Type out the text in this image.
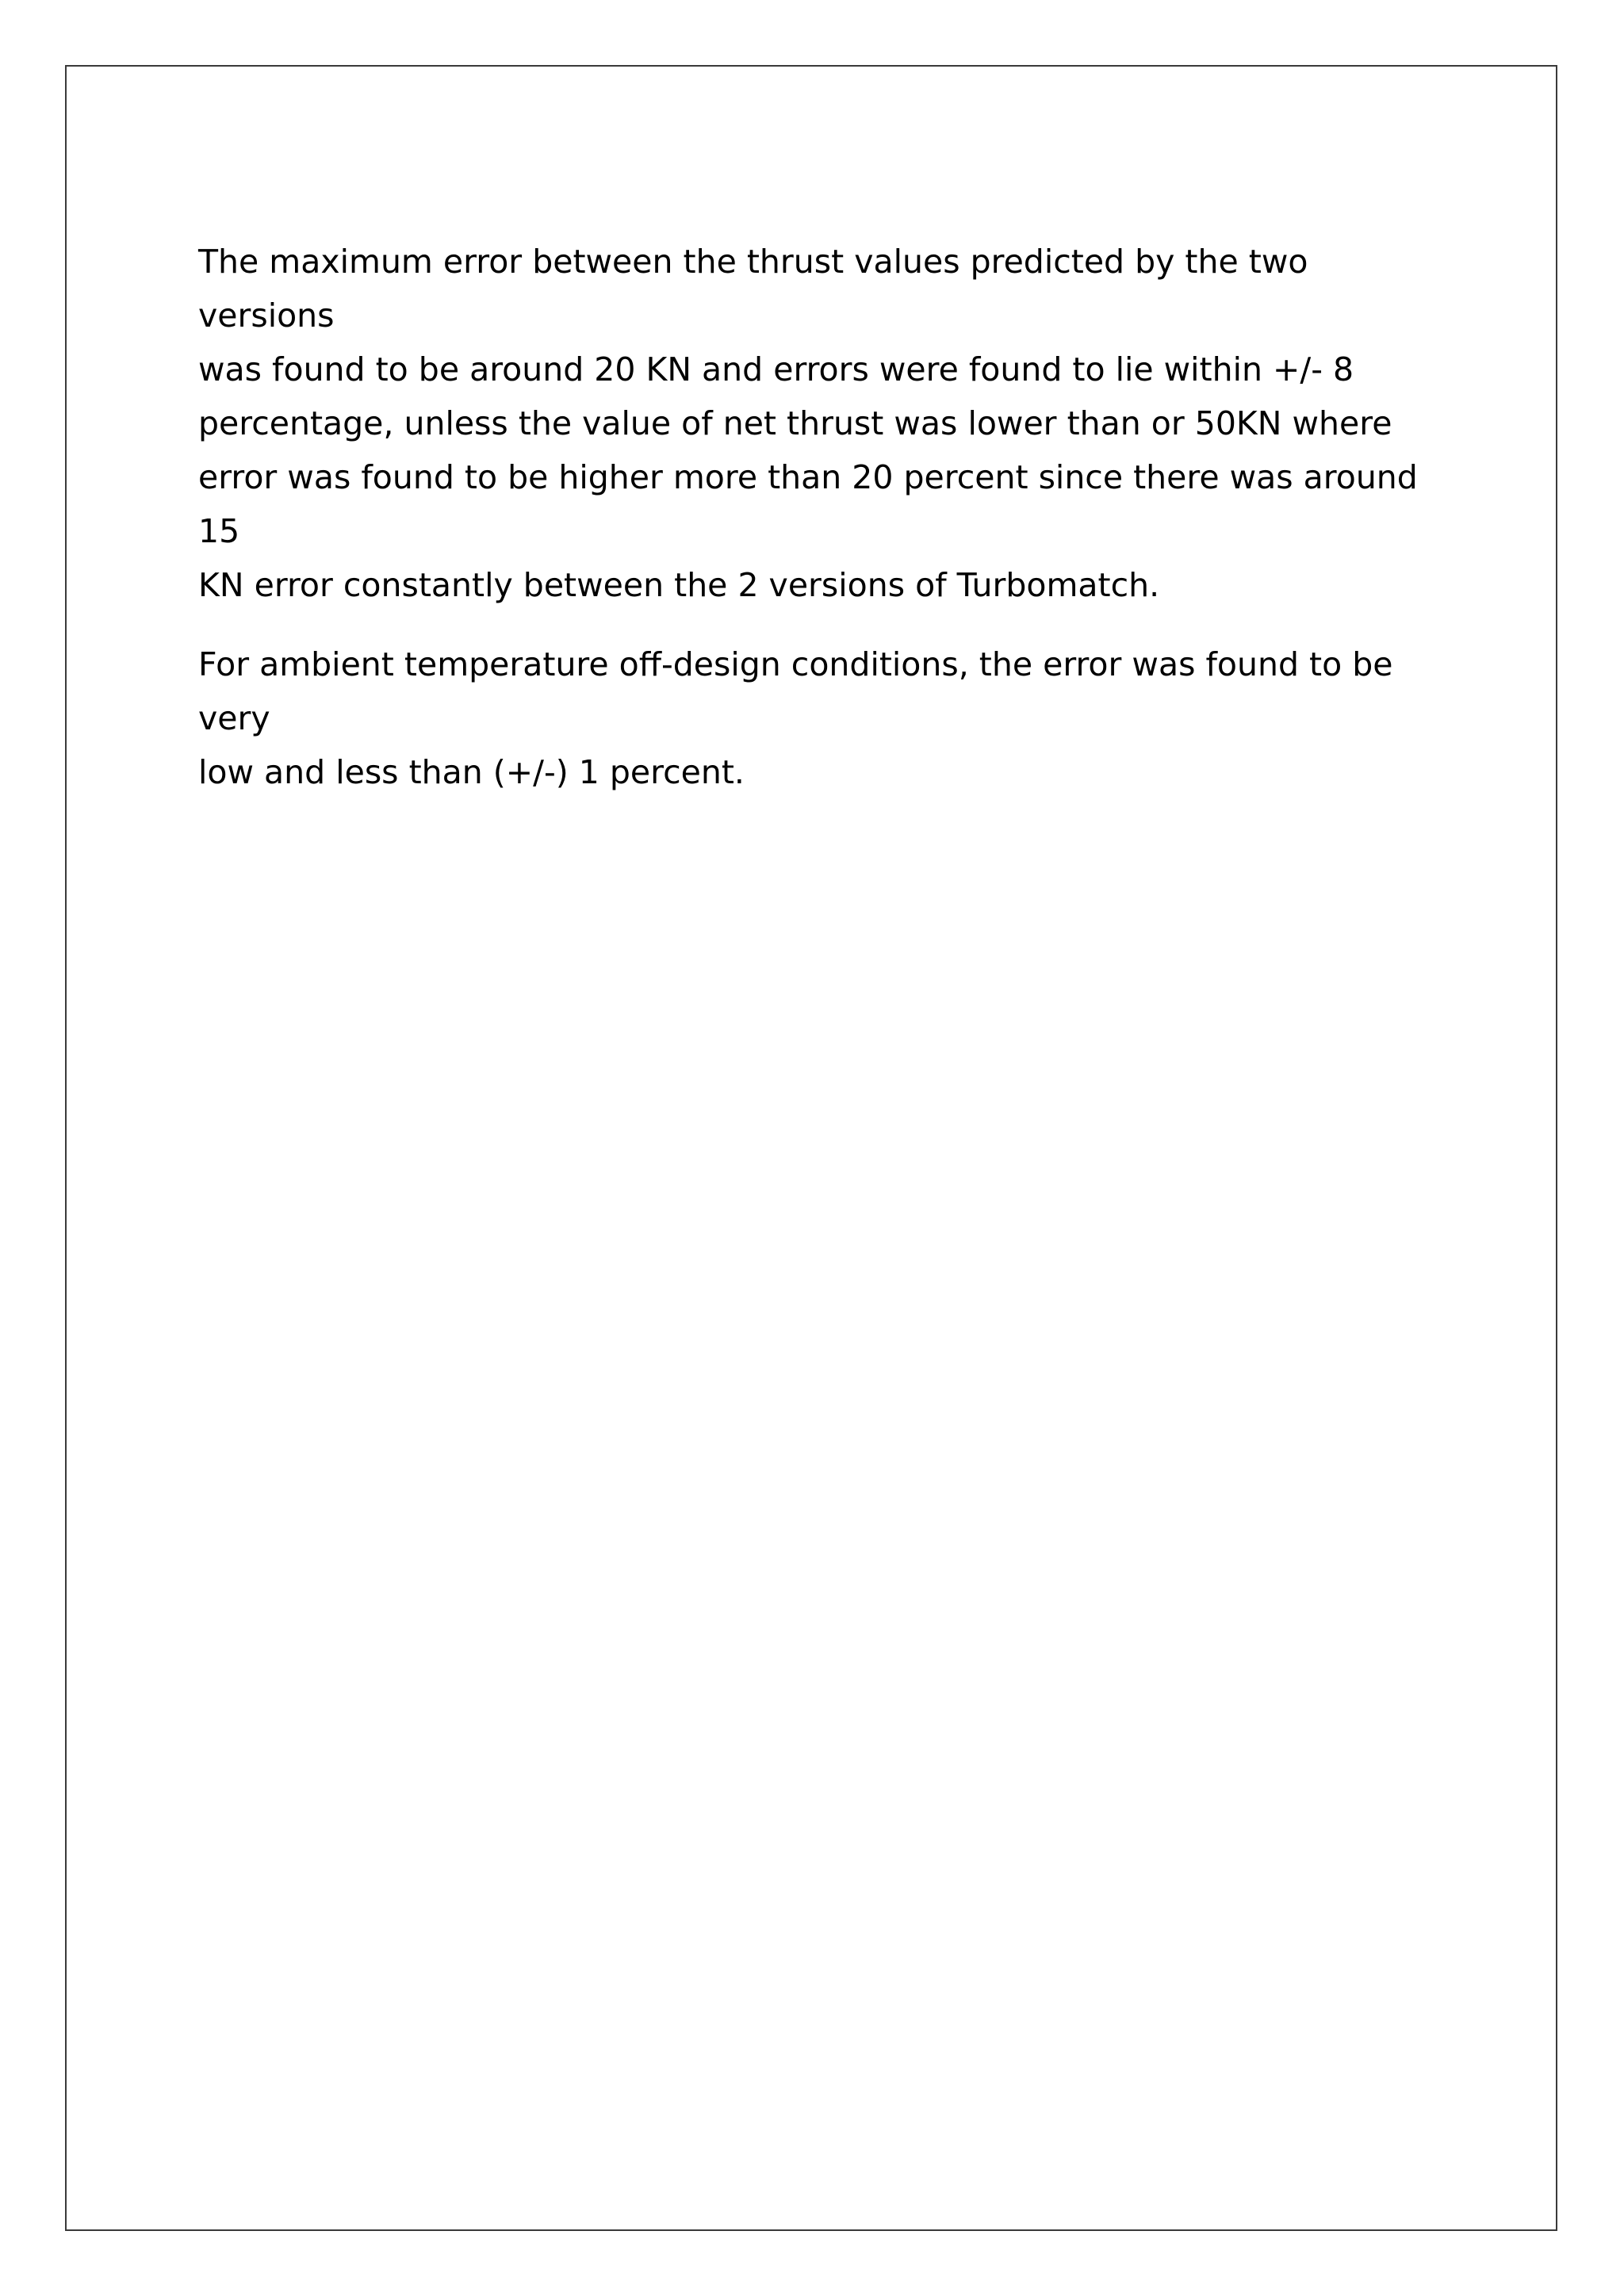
The maximum error between the thrust values predicted by the two versions
was found to be around 20 KN and errors were found to lie within +/- 8
percentage, unless the value of net thrust was lower than or 50KN where
error was found to be higher more than 20 percent since there was around 15
KN error constantly between the 2 versions of Turbomatch.

For ambient temperature off-design conditions, the error was found to be very
low and less than (+/-) 1 percent.
